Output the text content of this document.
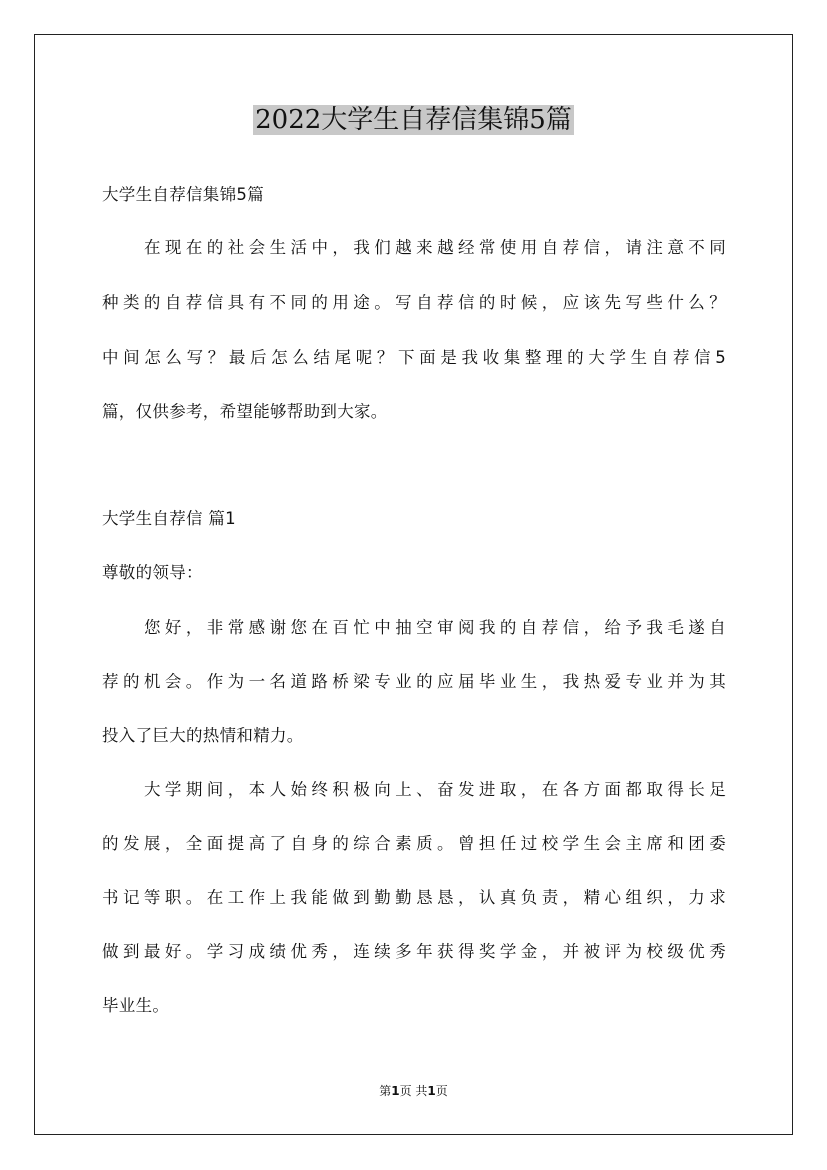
2022大学生自荐信集锦5篇
大学生自荐信集锦5篇
在现在的社会生活中，我们越来越经常使用自荐信，请注意不同
种类的自荐信具有不同的用途。写自荐信的时候，应该先写些什么？
中间怎么写？最后怎么结尾呢？下面是我收集整理的大学生自荐信5
篇，仅供参考，希望能够帮助到大家。
大学生自荐信 篇1
尊敬的领导：
您好，非常感谢您在百忙中抽空审阅我的自荐信，给予我毛遂自
荐的机会。作为一名道路桥梁专业的应届毕业生，我热爱专业并为其
投入了巨大的热情和精力。
大学期间，本人始终积极向上、奋发进取，在各方面都取得长足
的发展，全面提高了自身的综合素质。曾担任过校学生会主席和团委
书记等职。在工作上我能做到勤勤恳恳，认真负责，精心组织，力求
做到最好。学习成绩优秀，连续多年获得奖学金，并被评为校级优秀
毕业生。
第1页 共1页
